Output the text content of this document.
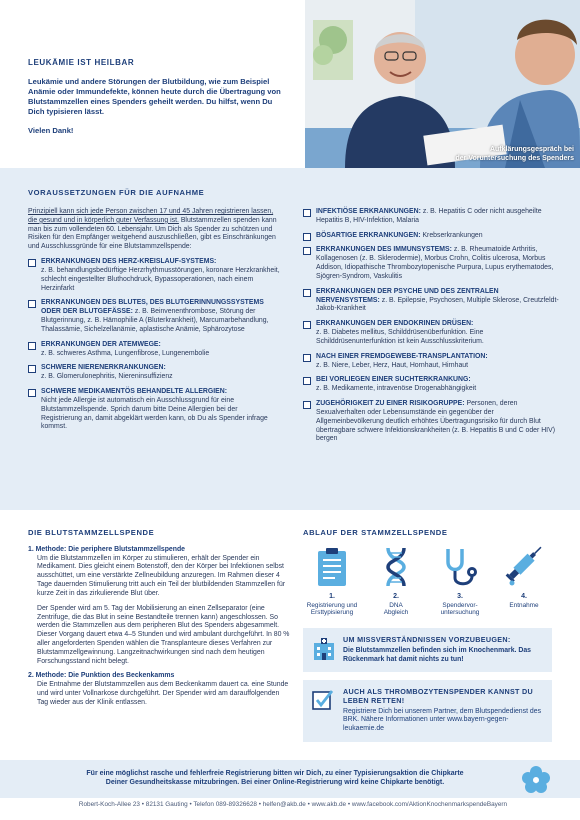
LEUKÄMIE IST HEILBAR

Leukämie und andere Störungen der Blutbildung, wie zum Beispiel Anämie oder Immundefekte, können heute durch die Übertragung von Blutstammzellen eines Spenders geheilt werden. Du hilfst, wenn Du Dich typisieren lässt.

Vielen Dank!

Aufklärungsgespräch bei
der Voruntersuchung des Spenders
VORAUSSETZUNGEN FÜR DIE AUFNAHME
Prinzipiell kann sich jede Person zwischen 17 und 45 Jahren registrieren lassen, die gesund und in körperlich guter Verfassung ist. Blutstammzellen spenden kann man bis zum vollendeten 60. Lebensjahr. Um Dich als Spender zu schützen und Risiken für den Empfänger weitgehend auszuschließen, gibt es Einschränkungen und Ausschlussgründe für eine Blutstammzellspende:
ERKRANKUNGEN DES HERZ-KREISLAUF-SYSTEMS:
z. B. behandlungsbedürftige Herzrhythmusstörungen, koronare Herzkrankheit, schlecht eingestellter Bluthochdruck, Bypassoperationen, nach einem Herzinfarkt
ERKRANKUNGEN DES BLUTES, DES BLUTGERINNUNGSSYSTEMS ODER DER BLUTGEFÄSSE: z. B. Beinvenenthrombose, Störung der Blutgerinnung, z. B. Hämophilie A (Bluterkrankheit), Marcumarbehandlung, Thalassämie, Sichelzellanämie, aplastische Anämie, Sphärozytose
ERKRANKUNGEN DER ATEMWEGE:
z. B. schweres Asthma, Lungenfibrose, Lungenembolie
SCHWERE NIERENERKRANKUNGEN:
z. B. Glomerulonephritis, Niereninsuffizienz
SCHWERE MEDIKAMENTÖS BEHANDELTE ALLERGIEN:
Nicht jede Allergie ist automatisch ein Ausschlussgrund für eine Blutstammzellspende. Sprich darum bitte Deine Allergien bei der Registrierung an, damit abgeklärt werden kann, ob Du als Spender infrage kommst.
INFEKTIÖSE ERKRANKUNGEN: z. B. Hepatitis C oder nicht ausgeheilte Hepatitis B, HIV-Infektion, Malaria
BÖSARTIGE ERKRANKUNGEN: Krebserkrankungen
ERKRANKUNGEN DES IMMUNSYSTEMS: z. B. Rheumatoide Arthritis, Kollagenosen (z. B. Sklerodermie), Morbus Crohn, Colitis ulcerosa, Morbus Addison, Idiopathische Thrombozytopenische Purpura, Lupus erythematodes, Sjögren-Syndrom, Vaskulitis
ERKRANKUNGEN DER PSYCHE UND DES ZENTRALEN NERVENSYSTEMS: z. B. Epilepsie, Psychosen, Multiple Sklerose, Creutzfeldt-Jakob-Krankheit
ERKRANKUNGEN DER ENDOKRINEN DRÜSEN:
z. B. Diabetes mellitus, Schilddrüsenüberfunktion. Eine Schilddrüsenunterfunktion ist kein Ausschlusskriterium.
NACH EINER FREMDGEWEBE-TRANSPLANTATION:
z. B. Niere, Leber, Herz, Haut, Hornhaut, Hirnhaut
BEI VORLIEGEN EINER SUCHTERKRANKUNG:
z. B. Medikamente, intravenöse Drogenabhängigkeit
ZUGEHÖRIGKEIT ZU EINER RISIKOGRUPPE: Personen, deren Sexualverhalten oder Lebensumstände ein gegenüber der Allgemeinbevölkerung deutlich erhöhtes Übertragungsrisiko für durch Blut übertragbare schwere Infektionskrankheiten (z. B. Hepatitis B und C oder HIV) bergen
DIE BLUTSTAMMZELLSPENDE
1. Methode: Die periphere Blutstammzellspende
Um die Blutstammzellen im Körper zu stimulieren, erhält der Spender ein Medikament. Dies gleicht einem Botenstoff, den der Körper bei Infektionen selbst ausschüttet, um eine verstärkte Zellneubildung anzuregen. Im Rahmen dieser 4 Tage dauernden Stimulierung tritt auch ein Teil der blutbildenden Stammzellen für kurze Zeit in das zirkulierende Blut über.
Der Spender wird am 5. Tag der Mobilisierung an einen Zellseparator (eine Zentrifuge, die das Blut in seine Bestandteile trennen kann) angeschlossen. So werden die Stammzellen aus dem peripheren Blut des Spenders abgesammelt. Dieser Vorgang dauert etwa 4–5 Stunden und wird ambulant durchgeführt. In 80 % aller angeforderten Spenden wählen die Transplanteure dieses Verfahren zur Blutstammzellgewinnung. Langzeitnachwirkungen sind nach dem heutigen Forschungsstand nicht belegt.
2. Methode: Die Punktion des Beckenkamms
Die Entnahme der Blutstammzellen aus dem Beckenkamm dauert ca. eine Stunde und wird unter Vollnarkose durchgeführt. Der Spender wird am darauffolgenden Tag wieder aus der Klinik entlassen.
ABLAUF DER STAMMZELLSPENDE
1.
Registrierung und
Ersttypisierung
2.
DNA
Abgleich
3.
Spendervor-
untersuchung
4.
Entnahme
UM MISSVERSTÄNDNISSEN VORZUBEUGEN:
Die Blutstammzellen befinden sich im Knochenmark. Das Rückenmark hat damit nichts zu tun!
AUCH ALS THROMBOZYTENSPENDER KANNST DU LEBEN RETTEN!
Registriere Dich bei unserem Partner, dem Blutspendedienst des BRK. Nähere Informationen unter www.bayern-gegen-leukaemie.de

Für eine möglichst rasche und fehlerfreie Registrierung bitten wir Dich, zu einer Typisierungsaktion die Chipkarte
Deiner Gesundheitskasse mitzubringen. Bei einer Online-Registrierung wird keine Chipkarte benötigt.

Robert-Koch-Allee 23 • 82131 Gauting • Telefon 089-89326628 • helfen@akb.de • www.akb.de • www.facebook.com/AktionKnochenmarkspendeBayern
